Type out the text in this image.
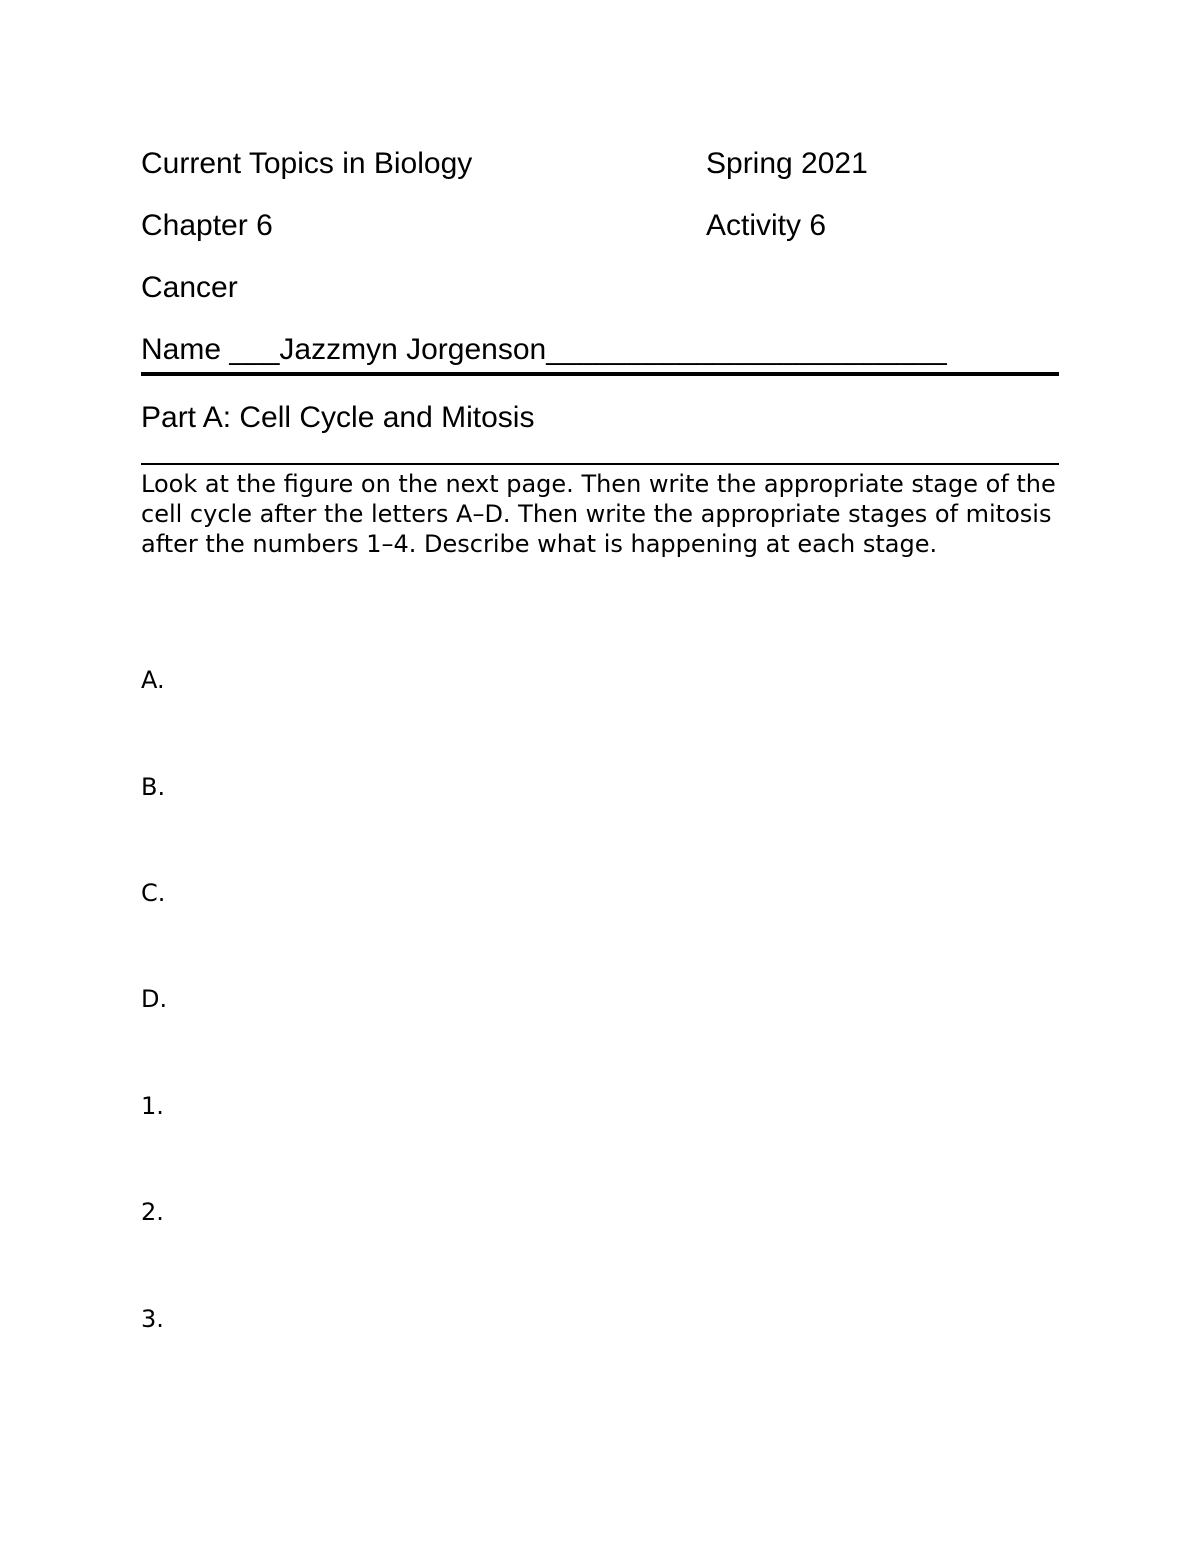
Current Topics in Biology	Spring 2021
Chapter 6	Activity 6
Cancer
Name ___Jazzmyn Jorgenson________________________
Part A: Cell Cycle and Mitosis
Look at the figure on the next page. Then write the appropriate stage of the cell cycle after the letters A–D. Then write the appropriate stages of mitosis after the numbers 1–4. Describe what is happening at each stage.
A.
B.
C.
D.
1.
2.
3.
